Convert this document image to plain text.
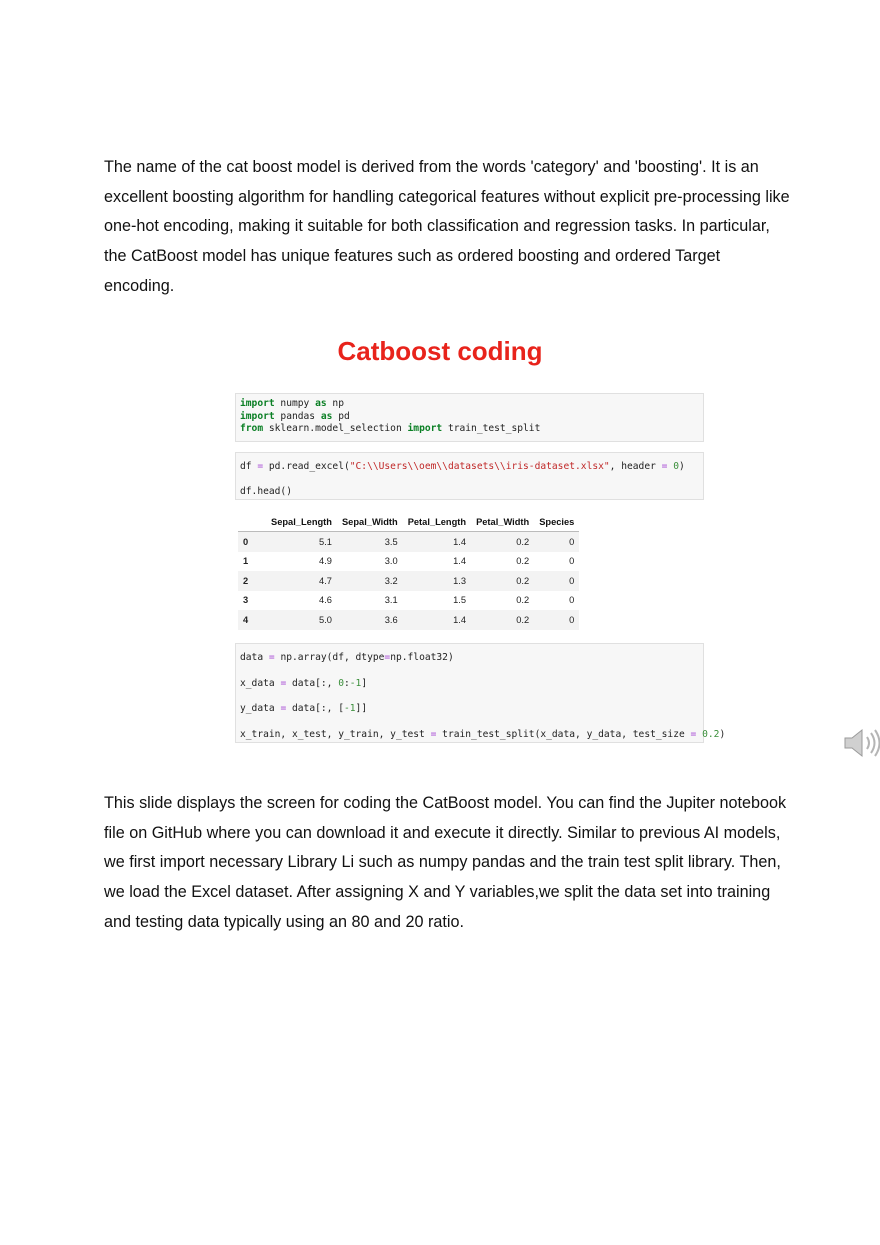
The name of the cat boost model is derived from the words 'category' and 'boosting'. It is an excellent boosting algorithm for handling categorical features without explicit pre-processing like one-hot encoding, making it suitable for both classification and regression tasks. In particular, the CatBoost model has unique features such as ordered boosting and ordered Target encoding.

Catboost coding
import numpy as np
import pandas as pd
from sklearn.model_selection import train_test_split
df = pd.read_excel("C:\\Users\\oem\\datasets\\iris-dataset.xlsx", header = 0)
df.head()
	Sepal_Length	Sepal_Width	Petal_Length	Petal_Width	Species
0	5.1	3.5	1.4	0.2	0
1	4.9	3.0	1.4	0.2	0
2	4.7	3.2	1.3	0.2	0
3	4.6	3.1	1.5	0.2	0
4	5.0	3.6	1.4	0.2	0
data = np.array(df, dtype=np.float32)
x_data = data[:, 0:-1]
y_data = data[:, [-1]]
x_train, x_test, y_train, y_test = train_test_split(x_data, y_data, test_size = 0.2)

This slide displays the screen for coding the CatBoost model. You can find the Jupiter notebook file on GitHub where you can download it and execute it directly. Similar to previous AI models, we first import necessary Library Li such as numpy pandas and the train test split library. Then, we load the Excel dataset. After assigning X and Y variables,we split the data set into training and testing data typically using an 80 and 20 ratio.
